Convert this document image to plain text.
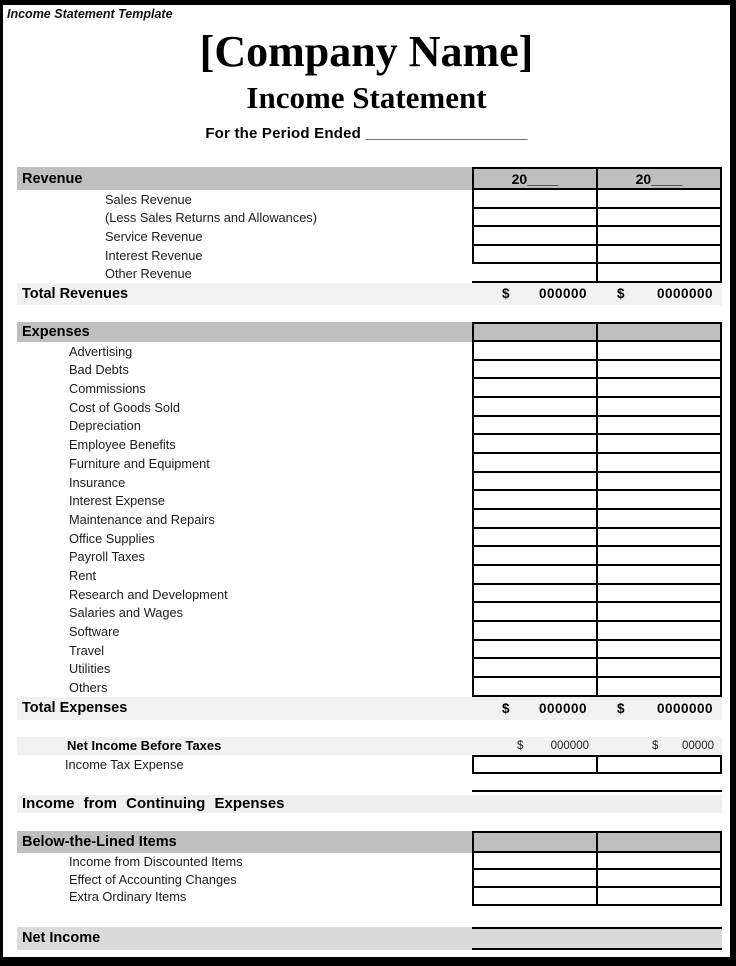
Income Statement Template
[Company Name]
Income Statement
For the Period Ended ___________________
Revenue	20____	20____
Sales Revenue
(Less Sales Returns and Allowances)
Service Revenue
Interest Revenue
Other Revenue
Total Revenues	$ 000000 $ 0000000
Expenses
Advertising
Bad Debts
Commissions
Cost of Goods Sold
Depreciation
Employee Benefits
Furniture and Equipment
Insurance
Interest Expense
Maintenance and Repairs
Office Supplies
Payroll Taxes
Rent
Research and Development
Salaries and Wages
Software
Travel
Utilities
Others
Total Expenses	$ 000000 $ 0000000
Net Income Before Taxes	$ 000000	$ 00000
Income Tax Expense
Income from Continuing Expenses
Below-the-Lined Items
Income from Discounted Items
Effect of Accounting Changes
Extra Ordinary Items
Net Income
